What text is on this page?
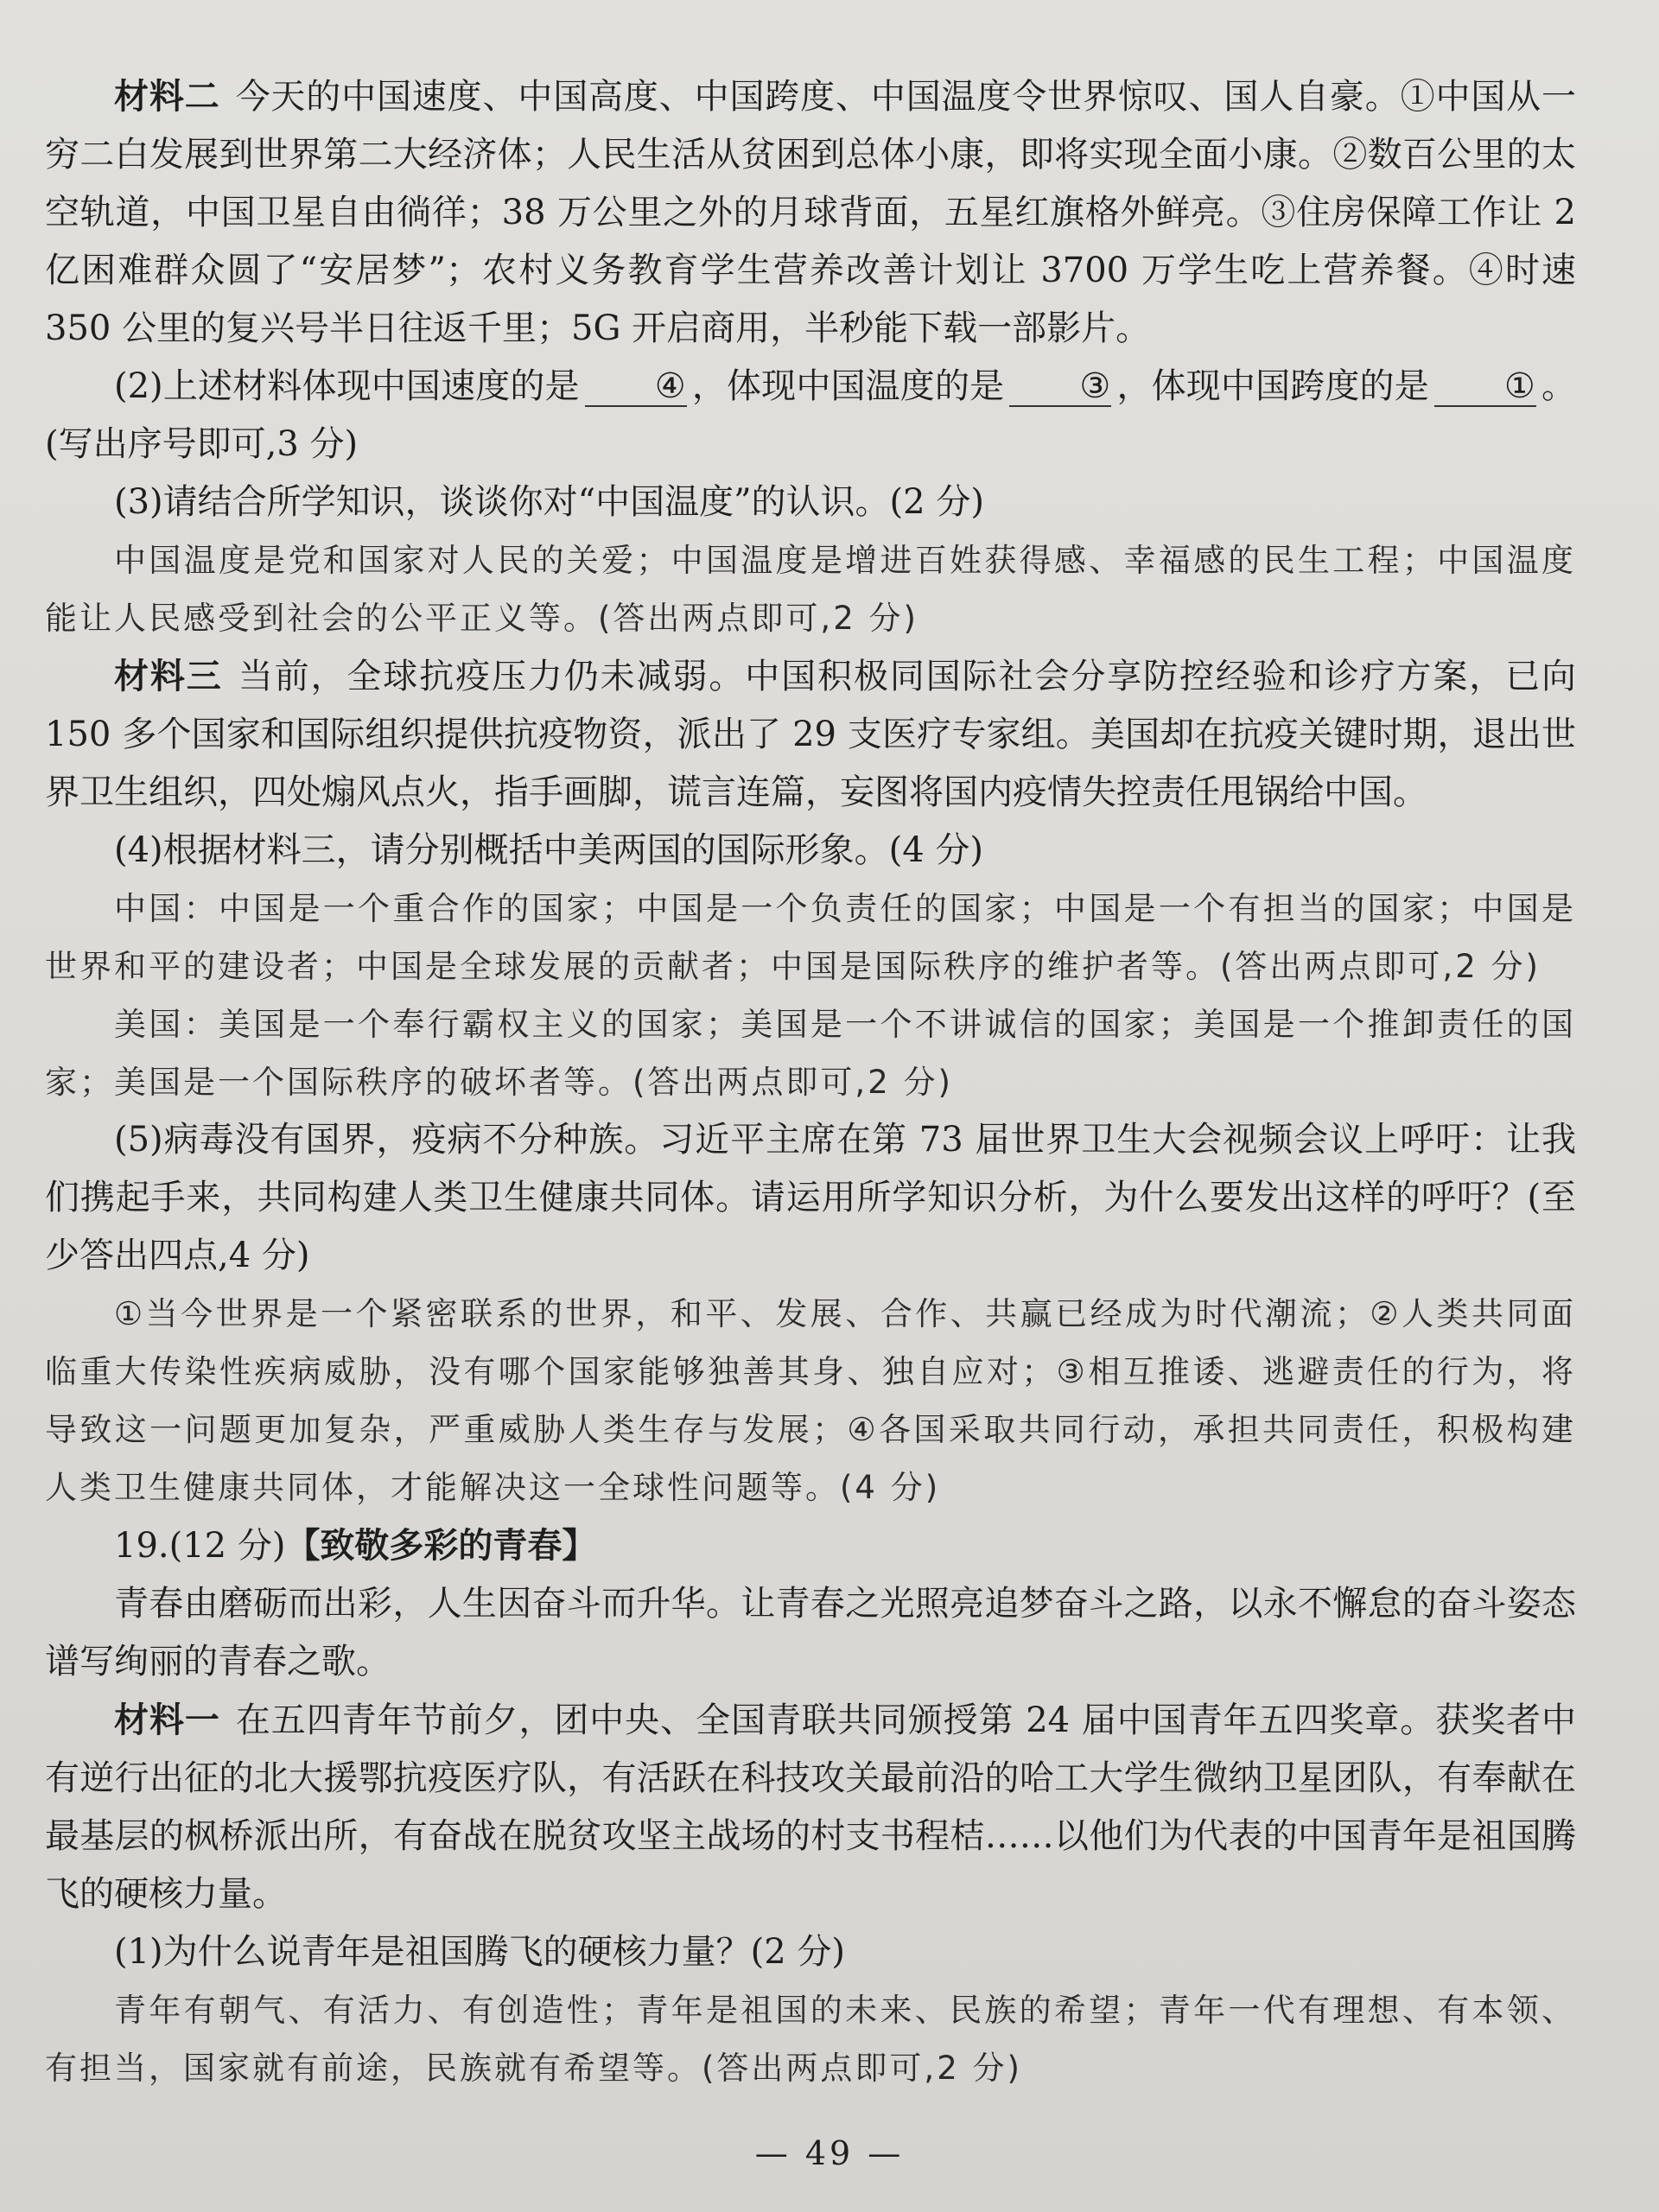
材料二 今天的中国速度、中国高度、中国跨度、中国温度令世界惊叹、国人自豪。①中国从一穷二白发展到世界第二大经济体；人民生活从贫困到总体小康，即将实现全面小康。②数百公里的太空轨道，中国卫星自由徜徉；38 万公里之外的月球背面，五星红旗格外鲜亮。③住房保障工作让 2 亿困难群众圆了“安居梦”；农村义务教育学生营养改善计划让 3700 万学生吃上营养餐。④时速 350 公里的复兴号半日往返千里；5G 开启商用，半秒能下载一部影片。

(2)上述材料体现中国速度的是 ④ ，体现中国温度的是 ③ ，体现中国跨度的是 ① 。(写出序号即可,3 分)

(3)请结合所学知识，谈谈你对“中国温度”的认识。(2 分)

中国温度是党和国家对人民的关爱；中国温度是增进百姓获得感、幸福感的民生工程；中国温度能让人民感受到社会的公平正义等。(答出两点即可,2 分)

材料三 当前，全球抗疫压力仍未减弱。中国积极同国际社会分享防控经验和诊疗方案，已向 150 多个国家和国际组织提供抗疫物资，派出了 29 支医疗专家组。美国却在抗疫关键时期，退出世界卫生组织，四处煽风点火，指手画脚，谎言连篇，妄图将国内疫情失控责任甩锅给中国。

(4)根据材料三，请分别概括中美两国的国际形象。(4 分)

中国：中国是一个重合作的国家；中国是一个负责任的国家；中国是一个有担当的国家；中国是世界和平的建设者；中国是全球发展的贡献者；中国是国际秩序的维护者等。(答出两点即可,2 分)

美国：美国是一个奉行霸权主义的国家；美国是一个不讲诚信的国家；美国是一个推卸责任的国家；美国是一个国际秩序的破坏者等。(答出两点即可,2 分)

(5)病毒没有国界，疫病不分种族。习近平主席在第 73 届世界卫生大会视频会议上呼吁：让我们携起手来，共同构建人类卫生健康共同体。请运用所学知识分析，为什么要发出这样的呼吁？(至少答出四点,4 分)

①当今世界是一个紧密联系的世界，和平、发展、合作、共赢已经成为时代潮流；②人类共同面临重大传染性疾病威胁，没有哪个国家能够独善其身、独自应对；③相互推诿、逃避责任的行为，将导致这一问题更加复杂，严重威胁人类生存与发展；④各国采取共同行动，承担共同责任，积极构建人类卫生健康共同体，才能解决这一全球性问题等。(4 分)

19.(12 分)【致敬多彩的青春】

青春由磨砺而出彩，人生因奋斗而升华。让青春之光照亮追梦奋斗之路，以永不懈怠的奋斗姿态谱写绚丽的青春之歌。

材料一 在五四青年节前夕，团中央、全国青联共同颁授第 24 届中国青年五四奖章。获奖者中有逆行出征的北大援鄂抗疫医疗队，有活跃在科技攻关最前沿的哈工大学生微纳卫星团队，有奉献在最基层的枫桥派出所，有奋战在脱贫攻坚主战场的村支书程桔……以他们为代表的中国青年是祖国腾飞的硬核力量。

(1)为什么说青年是祖国腾飞的硬核力量？(2 分)

青年有朝气、有活力、有创造性；青年是祖国的未来、民族的希望；青年一代有理想、有本领、有担当，国家就有前途，民族就有希望等。(答出两点即可,2 分)

— 49 —
